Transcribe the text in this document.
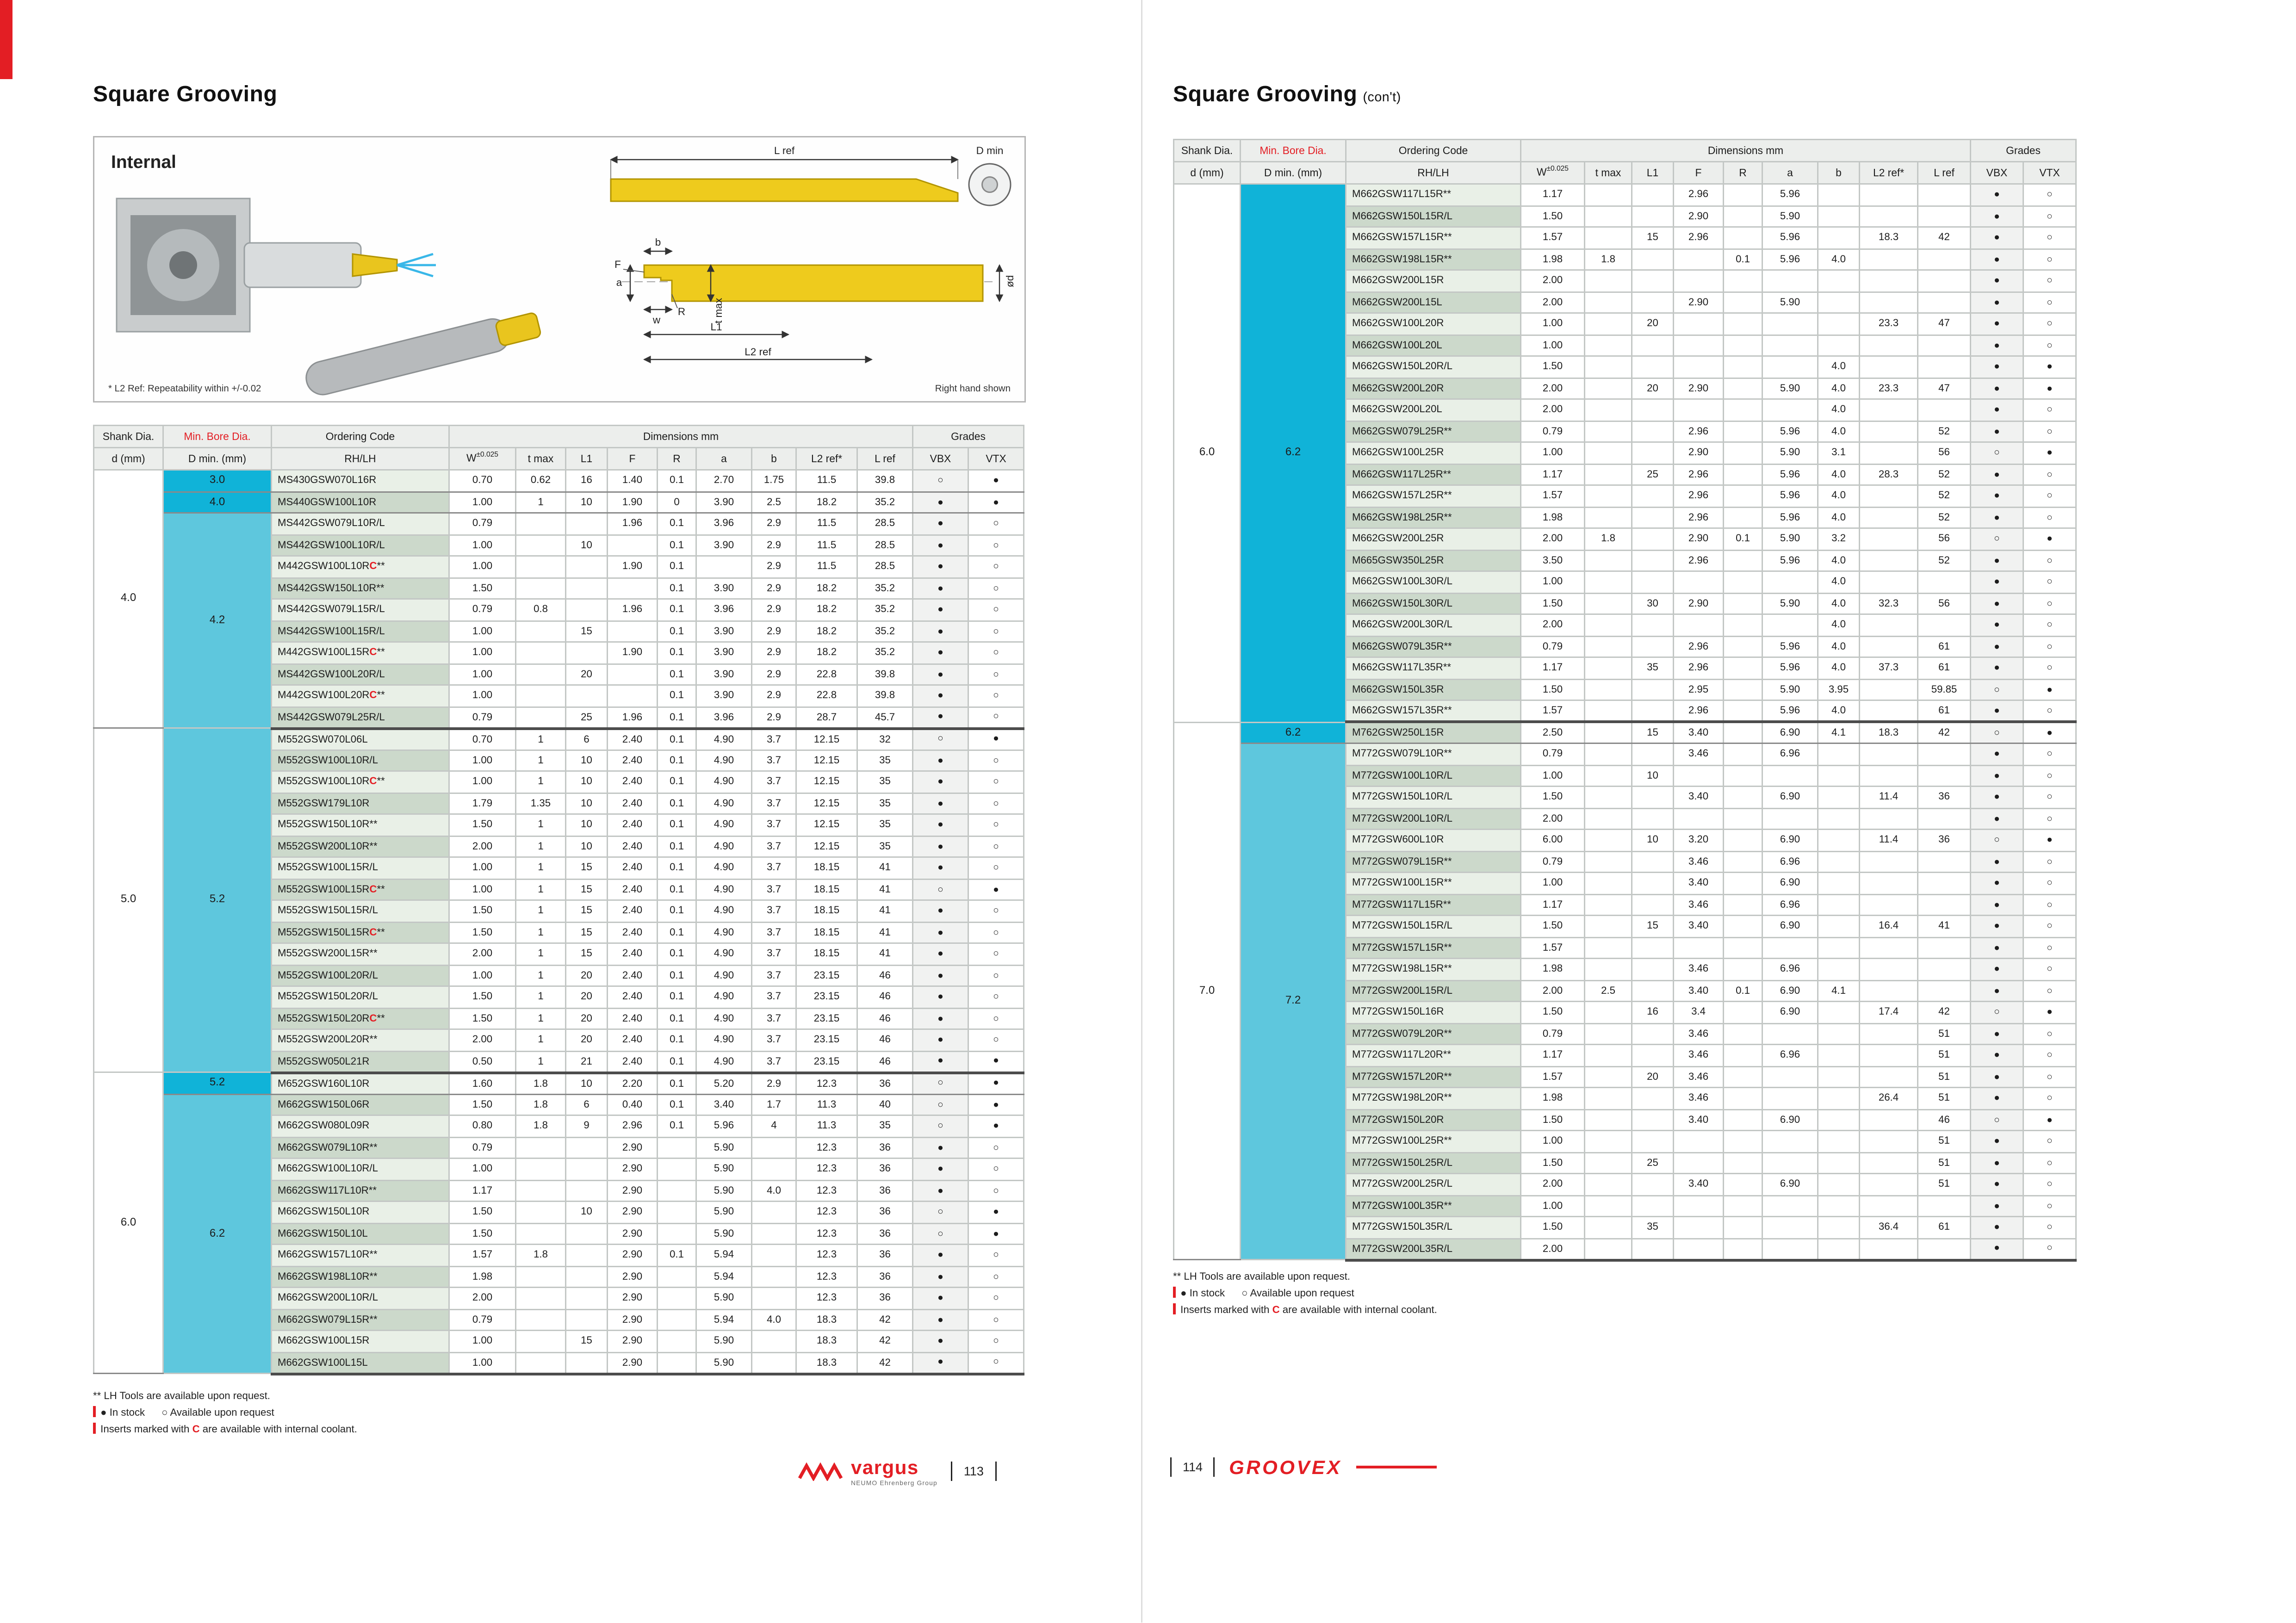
Square Grooving
Internal
L ref	D min
b
a
F
R
w	t max
L1
L2 ref
ød
* L2 Ref: Repeatability within +/-0.02	Right hand shown
Shank Dia.	Min. Bore Dia.	Ordering Code	Dimensions mm									Grades	
d (mm)	D min. (mm)	RH/LH	$W^{\pm 0.025}$	t max	L1	F	R	a	b	L2 ref*	L ref	VBX	VTX
4.0	3.0	MS430GSW070L16R	0.70	0.62	16	1.40	0.1	2.70	1.75	11.5	39.8	○	●
	4.0	MS440GSW100L10R	1.00	1	10	1.90	0	3.90	2.5	18.2	35.2	●	●
	4.2	MS442GSW079L10R/L	0.79			1.96	0.1	3.96	2.9	11.5	28.5	●	○
		MS442GSW100L10R/L	1.00		10		0.1	3.90	2.9	11.5	28.5	●	○
		M442GSW100L10RC**	1.00			1.90	0.1		2.9	11.5	28.5	●	○
		MS442GSW150L10R**	1.50				0.1	3.90	2.9	18.2	35.2	●	○
		MS442GSW079L15R/L	0.79	0.8		1.96	0.1	3.96	2.9	18.2	35.2	●	○
		MS442GSW100L15R/L	1.00		15		0.1	3.90	2.9	18.2	35.2	●	○
		M442GSW100L15RC**	1.00			1.90	0.1	3.90	2.9	18.2	35.2	●	○
		MS442GSW100L20R/L	1.00		20		0.1	3.90	2.9	22.8	39.8	●	○
		M442GSW100L20RC**	1.00				0.1	3.90	2.9	22.8	39.8	●	○
		MS442GSW079L25R/L	0.79		25	1.96	0.1	3.96	2.9	28.7	45.7	●	○
5.0	5.2	M552GSW070L06L	0.70	1	6	2.40	0.1	4.90	3.7	12.15	32	○	●
		M552GSW100L10R/L	1.00	1	10	2.40	0.1	4.90	3.7	12.15	35	●	○
		M552GSW100L10RC**	1.00	1	10	2.40	0.1	4.90	3.7	12.15	35	●	○
		M552GSW179L10R	1.79	1.35	10	2.40	0.1	4.90	3.7	12.15	35	●	○
		M552GSW150L10R**	1.50	1	10	2.40	0.1	4.90	3.7	12.15	35	●	○
		M552GSW200L10R**	2.00	1	10	2.40	0.1	4.90	3.7	12.15	35	●	○
		M552GSW100L15R/L	1.00	1	15	2.40	0.1	4.90	3.7	18.15	41	●	○
		M552GSW100L15RC**	1.00	1	15	2.40	0.1	4.90	3.7	18.15	41	○	●
		M552GSW150L15R/L	1.50	1	15	2.40	0.1	4.90	3.7	18.15	41	●	○
		M552GSW150L15RC**	1.50	1	15	2.40	0.1	4.90	3.7	18.15	41	●	○
		M552GSW200L15R**	2.00	1	15	2.40	0.1	4.90	3.7	18.15	41	●	○
		M552GSW100L20R/L	1.00	1	20	2.40	0.1	4.90	3.7	23.15	46	●	○
		M552GSW150L20R/L	1.50	1	20	2.40	0.1	4.90	3.7	23.15	46	●	○
		M552GSW150L20RC**	1.50	1	20	2.40	0.1	4.90	3.7	23.15	46	●	○
		M552GSW200L20R**	2.00	1	20	2.40	0.1	4.90	3.7	23.15	46	●	○
		M552GSW050L21R	0.50	1	21	2.40	0.1	4.90	3.7	23.15	46	●	●
6.0	5.2	M652GSW160L10R	1.60	1.8	10	2.20	0.1	5.20	2.9	12.3	36	○	●
	6.2	M662GSW150L06R	1.50	1.8	6	0.40	0.1	3.40	1.7	11.3	40	○	●
		M662GSW080L09R	0.80	1.8	9	2.96	0.1	5.96	4	11.3	35	○	●
		M662GSW079L10R**	0.79			2.90		5.90		12.3	36	●	○
		M662GSW100L10R/L	1.00			2.90		5.90		12.3	36	●	○
		M662GSW117L10R**	1.17			2.90		5.90	4.0	12.3	36	●	○
		M662GSW150L10R	1.50		10	2.90		5.90		12.3	36	○	●
		M662GSW150L10L	1.50			2.90		5.90		12.3	36	○	●
		M662GSW157L10R**	1.57	1.8		2.90	0.1	5.94		12.3	36	●	○
		M662GSW198L10R**	1.98			2.90		5.94		12.3	36	●	○
		M662GSW200L10R/L	2.00			2.90		5.90		12.3	36	●	○
		M662GSW079L15R**	0.79			2.90		5.94	4.0	18.3	42	●	○
		M662GSW100L15R	1.00		15	2.90		5.90		18.3	42	●	○
		M662GSW100L15L	1.00			2.90		5.90		18.3	42	●	○
** LH Tools are available upon request.
● In stock	○ Available upon request
Inserts marked with C are available with internal coolant.
vargus
NEUMO Ehrenberg Group
113
Square Grooving (con't)
Shank Dia.	Min. Bore Dia.	Ordering Code	Dimensions mm									Grades	
d (mm)	D min. (mm)	RH/LH	$W^{\pm 0.025}$	t max	L1	F	R	a	b	L2 ref*	L ref	VBX	VTX
6.0	6.2	M662GSW117L15R**	1.17			2.96		5.96				●	○
		M662GSW150L15R/L	1.50			2.90		5.90				●	○
		M662GSW157L15R**	1.57		15	2.96		5.96		18.3	42	●	○
		M662GSW198L15R**	1.98	1.8			0.1	5.96	4.0			●	○
		M662GSW200L15R	2.00									●	○
		M662GSW200L15L	2.00			2.90		5.90				●	○
		M662GSW100L20R	1.00		20					23.3	47	●	○
		M662GSW100L20L	1.00									●	○
		M662GSW150L20R/L	1.50						4.0			●	●
		M662GSW200L20R	2.00		20	2.90		5.90	4.0	23.3	47	●	●
		M662GSW200L20L	2.00						4.0			●	○
		M662GSW079L25R**	0.79			2.96		5.96	4.0		52	●	○
		M662GSW100L25R	1.00			2.90		5.90	3.1		56	○	●
		M662GSW117L25R**	1.17		25	2.96		5.96	4.0	28.3	52	●	○
		M662GSW157L25R**	1.57			2.96		5.96	4.0		52	●	○
		M662GSW198L25R**	1.98			2.96		5.96	4.0		52	●	○
		M662GSW200L25R	2.00	1.8		2.90	0.1	5.90	3.2		56	○	●
		M665GSW350L25R	3.50			2.96		5.96	4.0		52	●	○
		M662GSW100L30R/L	1.00						4.0			●	○
		M662GSW150L30R/L	1.50		30	2.90		5.90	4.0	32.3	56	●	○
		M662GSW200L30R/L	2.00						4.0			●	○
		M662GSW079L35R**	0.79			2.96		5.96	4.0		61	●	○
		M662GSW117L35R**	1.17		35	2.96		5.96	4.0	37.3	61	●	○
		M662GSW150L35R	1.50			2.95		5.90	3.95		59.85	○	●
		M662GSW157L35R**	1.57			2.96		5.96	4.0		61	●	○
7.0	6.2	M762GSW250L15R	2.50		15	3.40		6.90	4.1	18.3	42	○	●
	7.2	M772GSW079L10R**	0.79			3.46		6.96				●	○
		M772GSW100L10R/L	1.00		10							●	○
		M772GSW150L10R/L	1.50			3.40		6.90		11.4	36	●	○
		M772GSW200L10R/L	2.00									●	○
		M772GSW600L10R	6.00		10	3.20		6.90		11.4	36	○	●
		M772GSW079L15R**	0.79			3.46		6.96				●	○
		M772GSW100L15R**	1.00			3.40		6.90				●	○
		M772GSW117L15R**	1.17			3.46		6.96				●	○
		M772GSW150L15R/L	1.50		15	3.40		6.90		16.4	41	●	○
		M772GSW157L15R**	1.57									●	○
		M772GSW198L15R**	1.98			3.46		6.96				●	○
		M772GSW200L15R/L	2.00	2.5		3.40	0.1	6.90	4.1			●	○
		M772GSW150L16R	1.50		16	3.4		6.90		17.4	42	○	●
		M772GSW079L20R**	0.79			3.46					51	●	○
		M772GSW117L20R**	1.17			3.46		6.96			51	●	○
		M772GSW157L20R**	1.57		20	3.46					51	●	○
		M772GSW198L20R**	1.98			3.46				26.4	51	●	○
		M772GSW150L20R	1.50			3.40		6.90			46	○	●
		M772GSW100L25R**	1.00								51	●	○
		M772GSW150L25R/L	1.50		25						51	●	○
		M772GSW200L25R/L	2.00			3.40		6.90			51	●	○
		M772GSW100L35R**	1.00									●	○
		M772GSW150L35R/L	1.50		35					36.4	61	●	○
		M772GSW200L35R/L	2.00									●	○
** LH Tools are available upon request.
● In stock	○ Available upon request
Inserts marked with C are available with internal coolant.
114	GROOVEX
